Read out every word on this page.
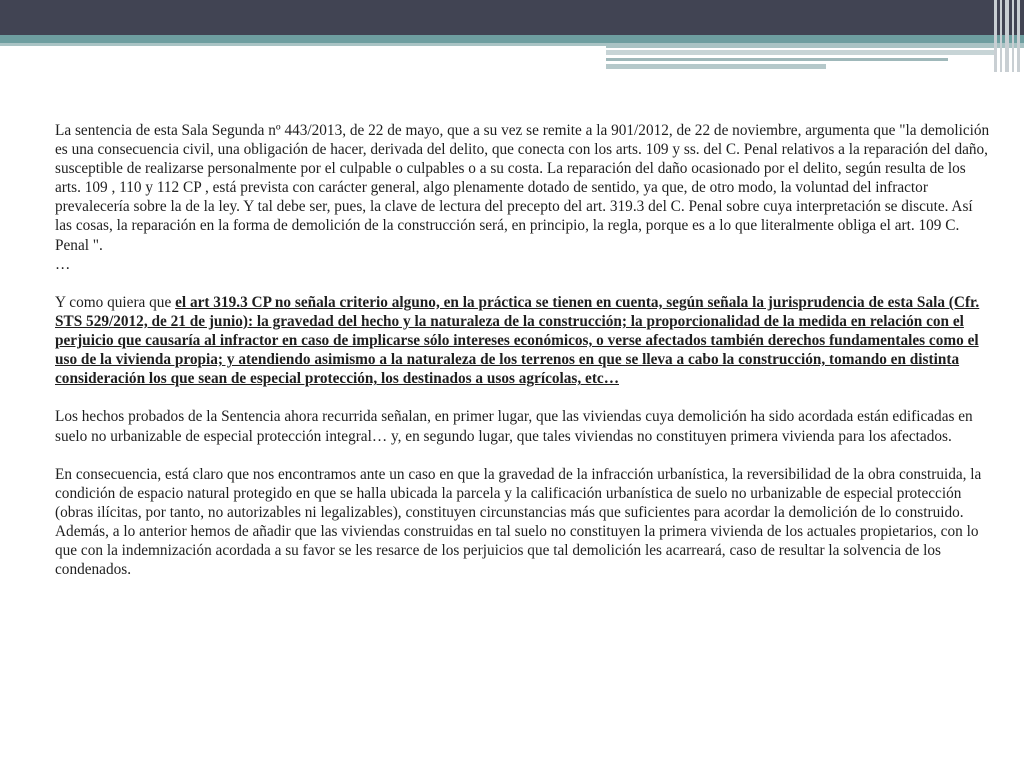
La sentencia de esta Sala Segunda nº 443/2013, de 22 de mayo, que a su vez se remite a la 901/2012, de 22 de noviembre, argumenta que "la demolición es una consecuencia civil, una obligación de hacer, derivada del delito, que conecta con los arts. 109 y ss. del C. Penal relativos a la reparación del daño, susceptible de realizarse personalmente por el culpable o culpables o a su costa. La reparación del daño ocasionado por el delito, según resulta de los arts. 109 , 110 y 112 CP , está prevista con carácter general, algo plenamente dotado de sentido, ya que, de otro modo, la voluntad del infractor prevalecería sobre la de la ley. Y tal debe ser, pues, la clave de lectura del precepto del art. 319.3 del C. Penal sobre cuya interpretación se discute. Así las cosas, la reparación en la forma de demolición de la construcción será, en principio, la regla, porque es a lo que literalmente obliga el art. 109 C. Penal ".

…

Y como quiera que el art 319.3 CP no señala criterio alguno, en la práctica se tienen en cuenta, según señala la jurisprudencia de esta Sala (Cfr. STS 529/2012, de 21 de junio): la gravedad del hecho y la naturaleza de la construcción; la proporcionalidad de la medida en relación con el perjuicio que causaría al infractor en caso de implicarse sólo intereses económicos, o verse afectados también derechos fundamentales como el uso de la vivienda propia; y atendiendo asimismo a la naturaleza de los terrenos en que se lleva a cabo la construcción, tomando en distinta consideración los que sean de especial protección, los destinados a usos agrícolas, etc…

Los hechos probados de la Sentencia ahora recurrida señalan, en primer lugar, que las viviendas cuya demolición ha sido acordada están edificadas en suelo no urbanizable de especial protección integral… y, en segundo lugar, que tales viviendas no constituyen primera vivienda para los afectados.

En consecuencia, está claro que nos encontramos ante un caso en que la gravedad de la infracción urbanística, la reversibilidad de la obra construida, la condición de espacio natural protegido en que se halla ubicada la parcela y la calificación urbanística de suelo no urbanizable de especial protección (obras ilícitas, por tanto, no autorizables ni legalizables), constituyen circunstancias más que suficientes para acordar la demolición de lo construido. Además, a lo anterior hemos de añadir que las viviendas construidas en tal suelo no constituyen la primera vivienda de los actuales propietarios, con lo que con la indemnización acordada a su favor se les resarce de los perjuicios que tal demolición les acarreará, caso de resultar la solvencia de los condenados.
